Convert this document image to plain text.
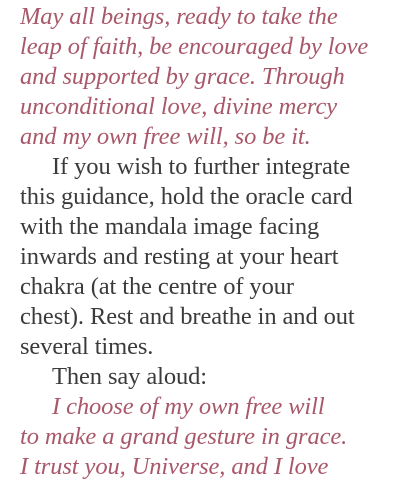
May all beings, ready to take the
leap of faith, be encouraged by love
and supported by grace. Through
unconditional love, divine mercy
and my own free will, so be it.
If you wish to further integrate
this guidance, hold the oracle card
with the mandala image facing
inwards and resting at your heart
chakra (at the centre of your
chest). Rest and breathe in and out
several times.
Then say aloud:
I choose of my own free will
to make a grand gesture in grace.
I trust you, Universe, and I love
